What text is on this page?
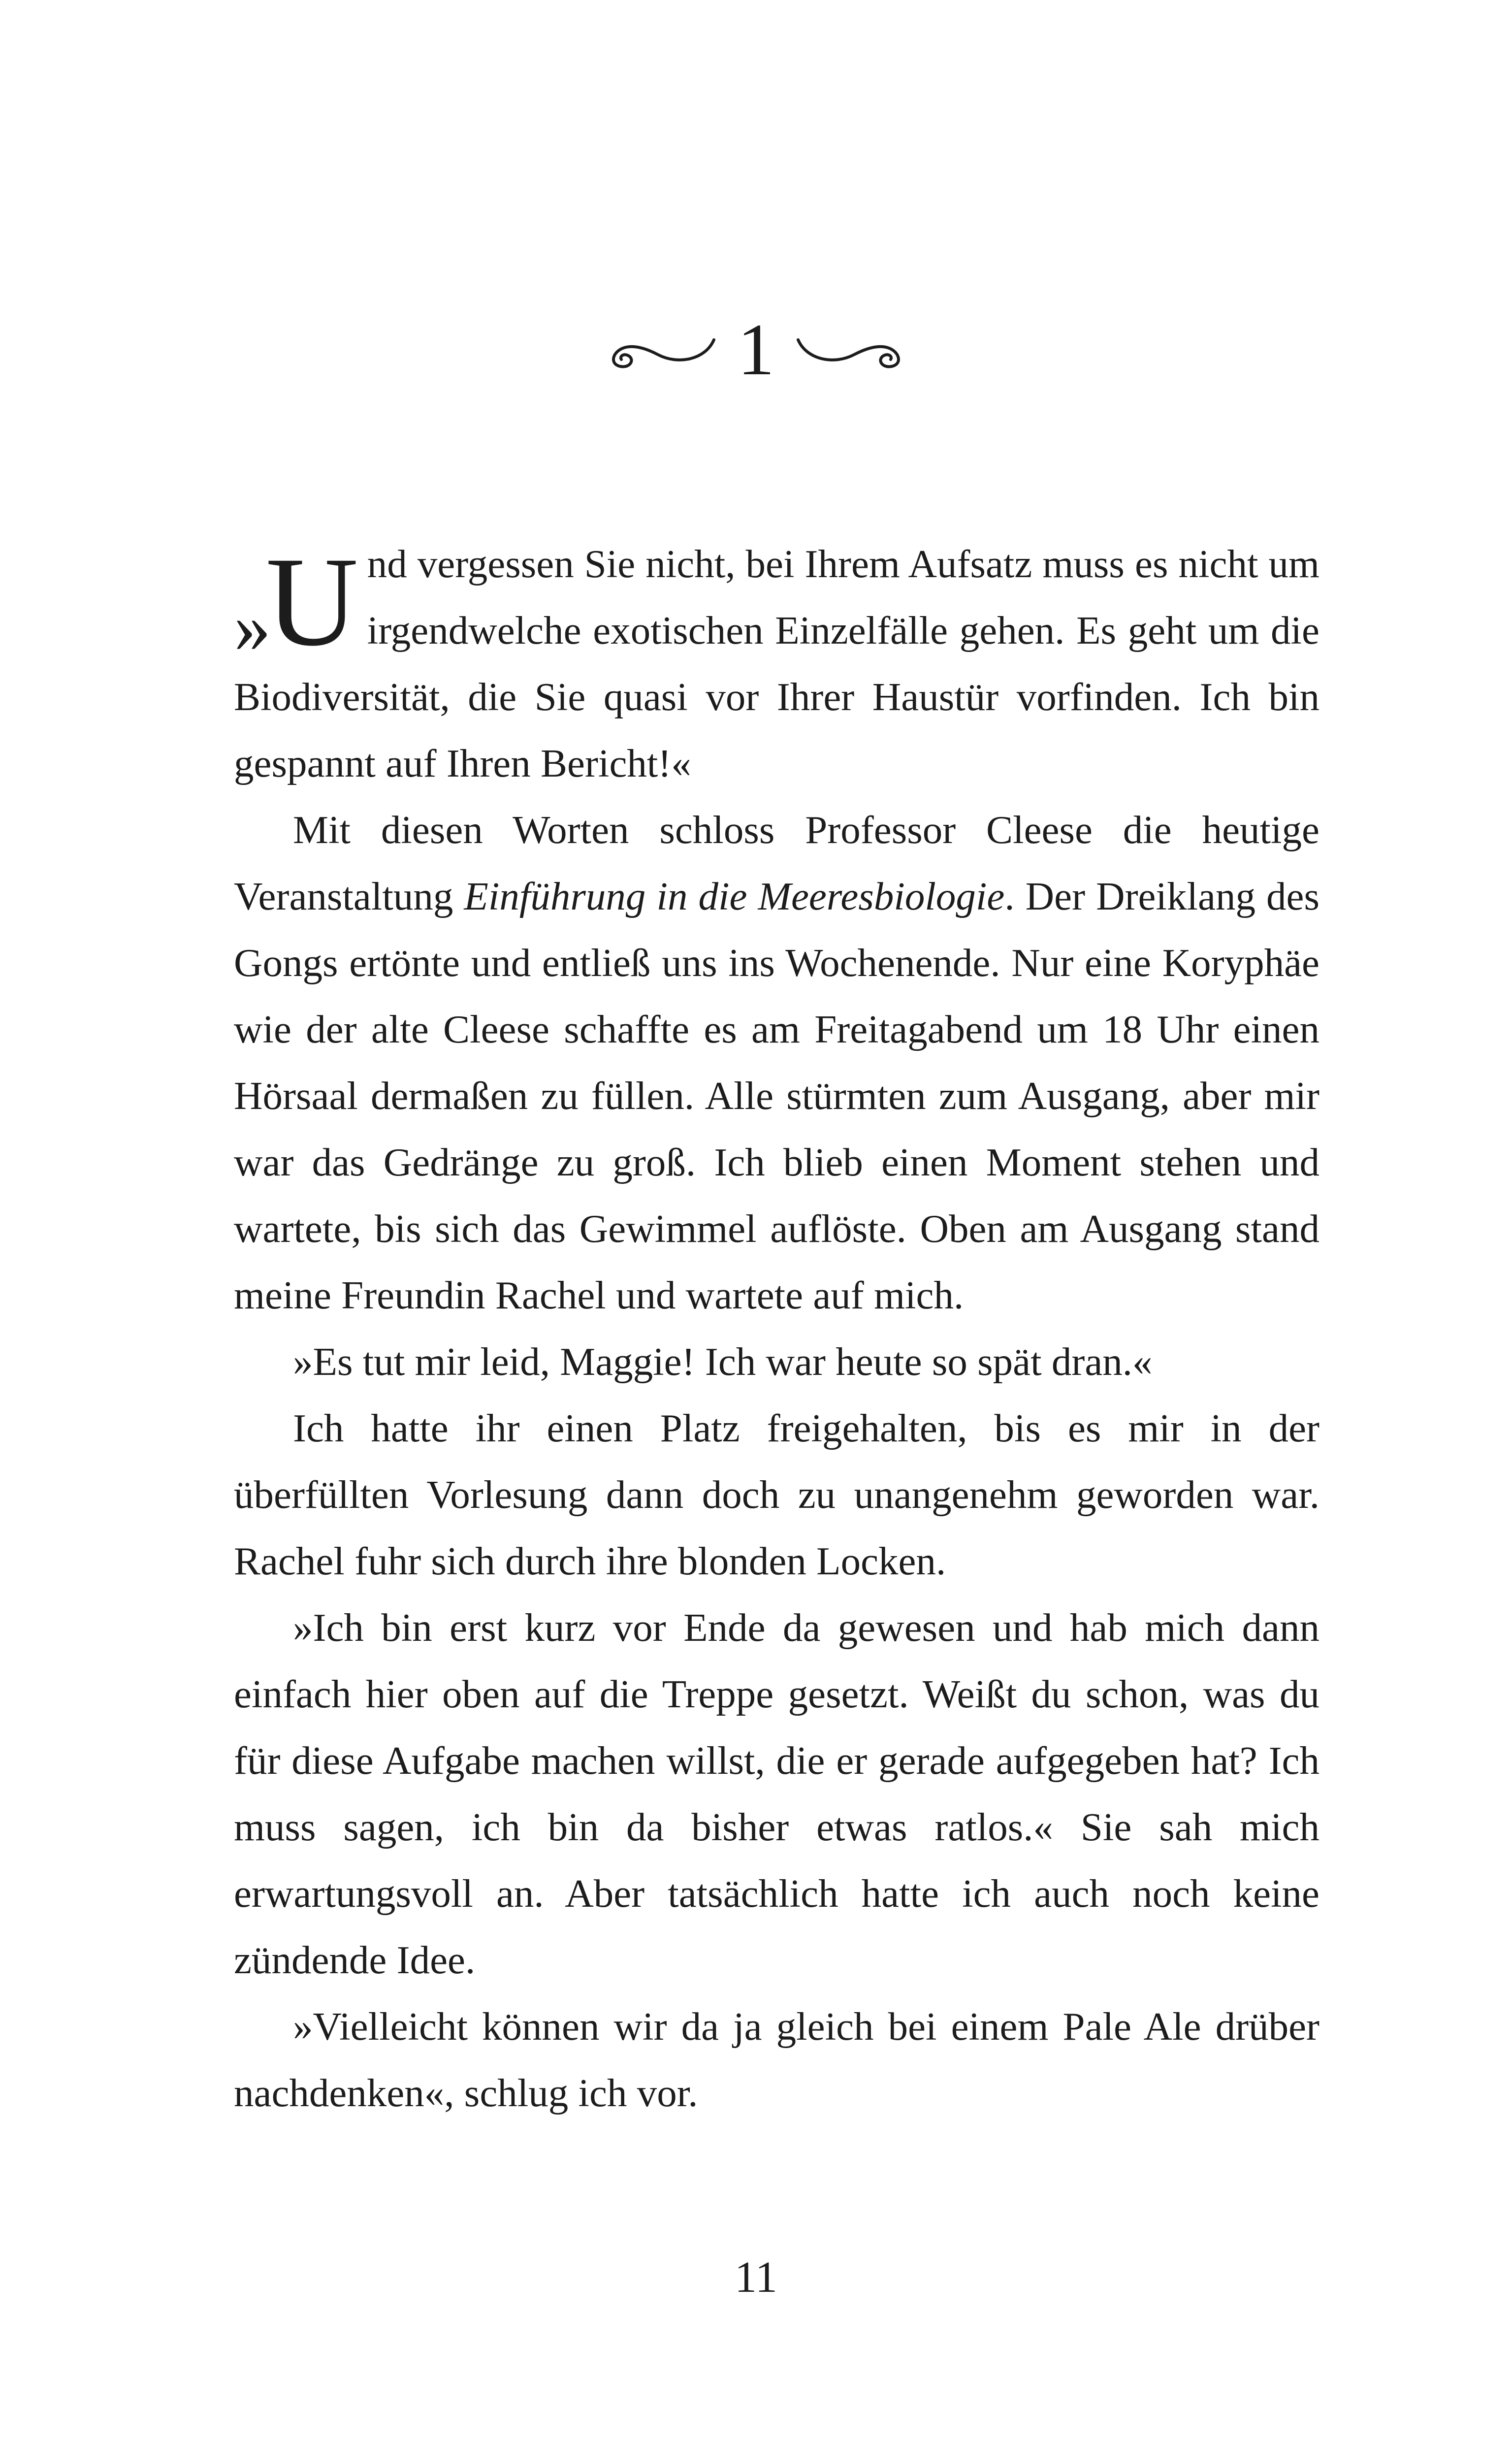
1

» U nd vergessen Sie nicht, bei Ihrem Aufsatz muss es nicht um irgendwelche exotischen Einzelfälle gehen. Es geht um die Biodiversität, die Sie quasi vor Ihrer Haustür vorfinden. Ich bin gespannt auf Ihren Bericht!«

Mit diesen Worten schloss Professor Cleese die heutige Veranstaltung Einführung in die Meeresbiologie. Der Dreiklang des Gongs ertönte und entließ uns ins Wochenende. Nur eine Koryphäe wie der alte Cleese schaffte es am Freitagabend um 18 Uhr einen Hörsaal dermaßen zu füllen. Alle stürmten zum Ausgang, aber mir war das Gedränge zu groß. Ich blieb einen Moment stehen und wartete, bis sich das Gewimmel auflöste. Oben am Ausgang stand meine Freundin Rachel und wartete auf mich.

»Es tut mir leid, Maggie! Ich war heute so spät dran.«

Ich hatte ihr einen Platz freigehalten, bis es mir in der überfüllten Vorlesung dann doch zu unangenehm geworden war. Rachel fuhr sich durch ihre blonden Locken.

»Ich bin erst kurz vor Ende da gewesen und hab mich dann einfach hier oben auf die Treppe gesetzt. Weißt du schon, was du für diese Aufgabe machen willst, die er gerade aufgegeben hat? Ich muss sagen, ich bin da bisher etwas ratlos.« Sie sah mich erwartungsvoll an. Aber tatsächlich hatte ich auch noch keine zündende Idee.

»Vielleicht können wir da ja gleich bei einem Pale Ale drüber nachdenken«, schlug ich vor.

11
